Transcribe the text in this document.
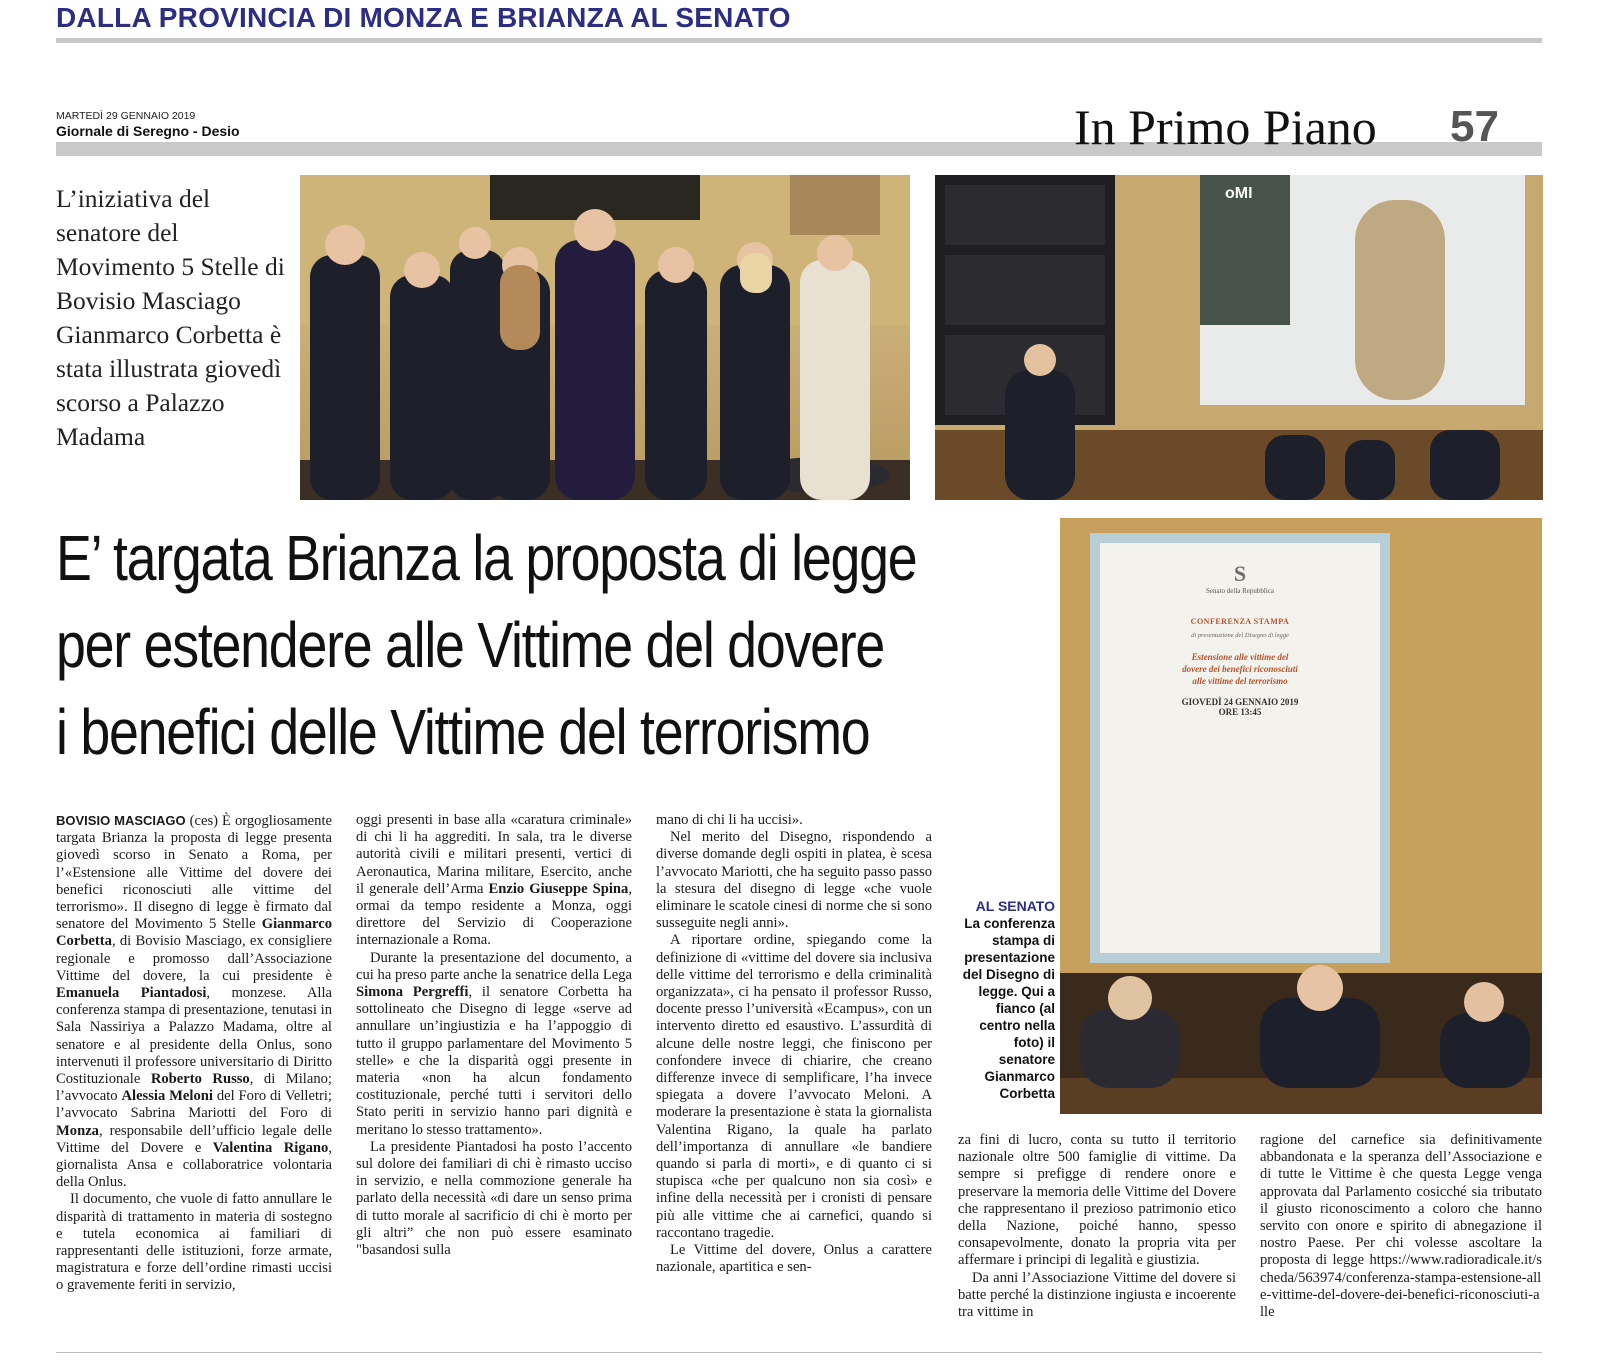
DALLA PROVINCIA DI MONZA E BRIANZA AL SENATO
MARTEDÌ 29 GENNAIO 2019
Giornale di Seregno - Desio	In Primo Piano 57
L’iniziativa del senatore del Movimento 5 Stelle di Bovisio Masciago Gianmarco Corbetta è stata illustrata giovedì scorso a Palazzo Madama
oMI
S
Senato della Repubblica
CONFERENZA STAMPA
di presentazione del Disegno di legge
Estensione alle vittime del
dovere dei benefici riconosciuti
alle vittime del terrorismo
GIOVEDÌ 24 GENNAIO 2019
ORE 13:45
E’ targata Brianza la proposta di legge
per estendere alle Vittime del dovere
i benefici delle Vittime del terrorismo
AL SENATO
La conferenza stampa di presentazione del Disegno di legge. Qui a fianco (al centro nella foto) il senatore Gianmarco Corbetta

BOVISIO MASCIAGO (ces) È orgogliosamente targata Brianza la proposta di legge presenta giovedì scorso in Senato a Roma, per l’«Estensione alle Vittime del dovere dei benefici riconosciuti alle vittime del terrorismo». Il disegno di legge è firmato dal senatore del Movimento 5 Stelle Gianmarco Corbetta, di Bovisio Masciago, ex consigliere regionale e promosso dall’Associazione Vittime del dovere, la cui presidente è Emanuela Piantadosi, monzese. Alla conferenza stampa di presentazione, tenutasi in Sala Nassiriya a Palazzo Madama, oltre al senatore e al presidente della Onlus, sono intervenuti il professore universitario di Diritto Costituzionale Roberto Russo, di Milano; l’avvocato Alessia Meloni del Foro di Velletri; l’avvocato Sabrina Mariotti del Foro di Monza, responsabile dell’ufficio legale delle Vittime del Dovere e Valentina Rigano, giornalista Ansa e collaboratrice volontaria della Onlus.

Il documento, che vuole di fatto annullare le disparità di trattamento in materia di sostegno e tutela economica ai familiari di rappresentanti delle istituzioni, forze armate, magistratura e forze dell’ordine rimasti uccisi o gravemente feriti in servizio,

oggi presenti in base alla «caratura criminale» di chi li ha aggrediti. In sala, tra le diverse autorità civili e militari presenti, vertici di Aeronautica, Marina militare, Esercito, anche il generale dell’Arma Enzio Giuseppe Spina, ormai da tempo residente a Monza, oggi direttore del Servizio di Cooperazione internazionale a Roma.

Durante la presentazione del documento, a cui ha preso parte anche la senatrice della Lega Simona Pergreffi, il senatore Corbetta ha sottolineato che Disegno di legge «serve ad annullare un’ingiustizia e ha l’appoggio di tutto il gruppo parlamentare del Movimento 5 stelle» e che la disparità oggi presente in materia «non ha alcun fondamento costituzionale, perché tutti i servitori dello Stato periti in servizio hanno pari dignità e meritano lo stesso trattamento».

La presidente Piantadosi ha posto l’accento sul dolore dei familiari di chi è rimasto ucciso in servizio, e nella commozione generale ha parlato della necessità «di dare un senso prima di tutto morale al sacrificio di chi è morto per gli altri” che non può essere esaminato "basandosi sulla

mano di chi li ha uccisi».

Nel merito del Disegno, rispondendo a diverse domande degli ospiti in platea, è scesa l’avvocato Mariotti, che ha seguito passo passo la stesura del disegno di legge «che vuole eliminare le scatole cinesi di norme che si sono susseguite negli anni».

A riportare ordine, spiegando come la definizione di «vittime del dovere sia inclusiva delle vittime del terrorismo e della criminalità organizzata», ci ha pensato il professor Russo, docente presso l’università «Ecampus», con un intervento diretto ed esaustivo. L’assurdità di alcune delle nostre leggi, che finiscono per confondere invece di chiarire, che creano differenze invece di semplificare, l’ha invece spiegata a dovere l’avvocato Meloni. A moderare la presentazione è stata la giornalista Valentina Rigano, la quale ha parlato dell’importanza di annullare «le bandiere quando si parla di morti», e di quanto ci si stupisca «che per qualcuno non sia così» e infine della necessità per i cronisti di pensare più alle vittime che ai carnefici, quando si raccontano tragedie.

Le Vittime del dovere, Onlus a carattere nazionale, apartitica e sen-

za fini di lucro, conta su tutto il territorio nazionale oltre 500 famiglie di vittime. Da sempre si prefigge di rendere onore e preservare la memoria delle Vittime del Dovere che rappresentano il prezioso patrimonio etico della Nazione, poiché hanno, spesso consapevolmente, donato la propria vita per affermare i principi di legalità e giustizia.

Da anni l’Associazione Vittime del dovere si batte perché la distinzione ingiusta e incoerente tra vittime in

ragione del carnefice sia definitivamente abbandonata e la speranza dell’Associazione e di tutte le Vittime è che questa Legge venga approvata dal Parlamento cosicché sia tributato il giusto riconoscimento a coloro che hanno servito con onore e spirito di abnegazione il nostro Paese. Per chi volesse ascoltare la proposta di legge https://www.radioradicale.it/scheda/563974/conferenza-stampa-estensione-alle-vittime-del-dovere-dei-benefici-riconosciuti-alle
